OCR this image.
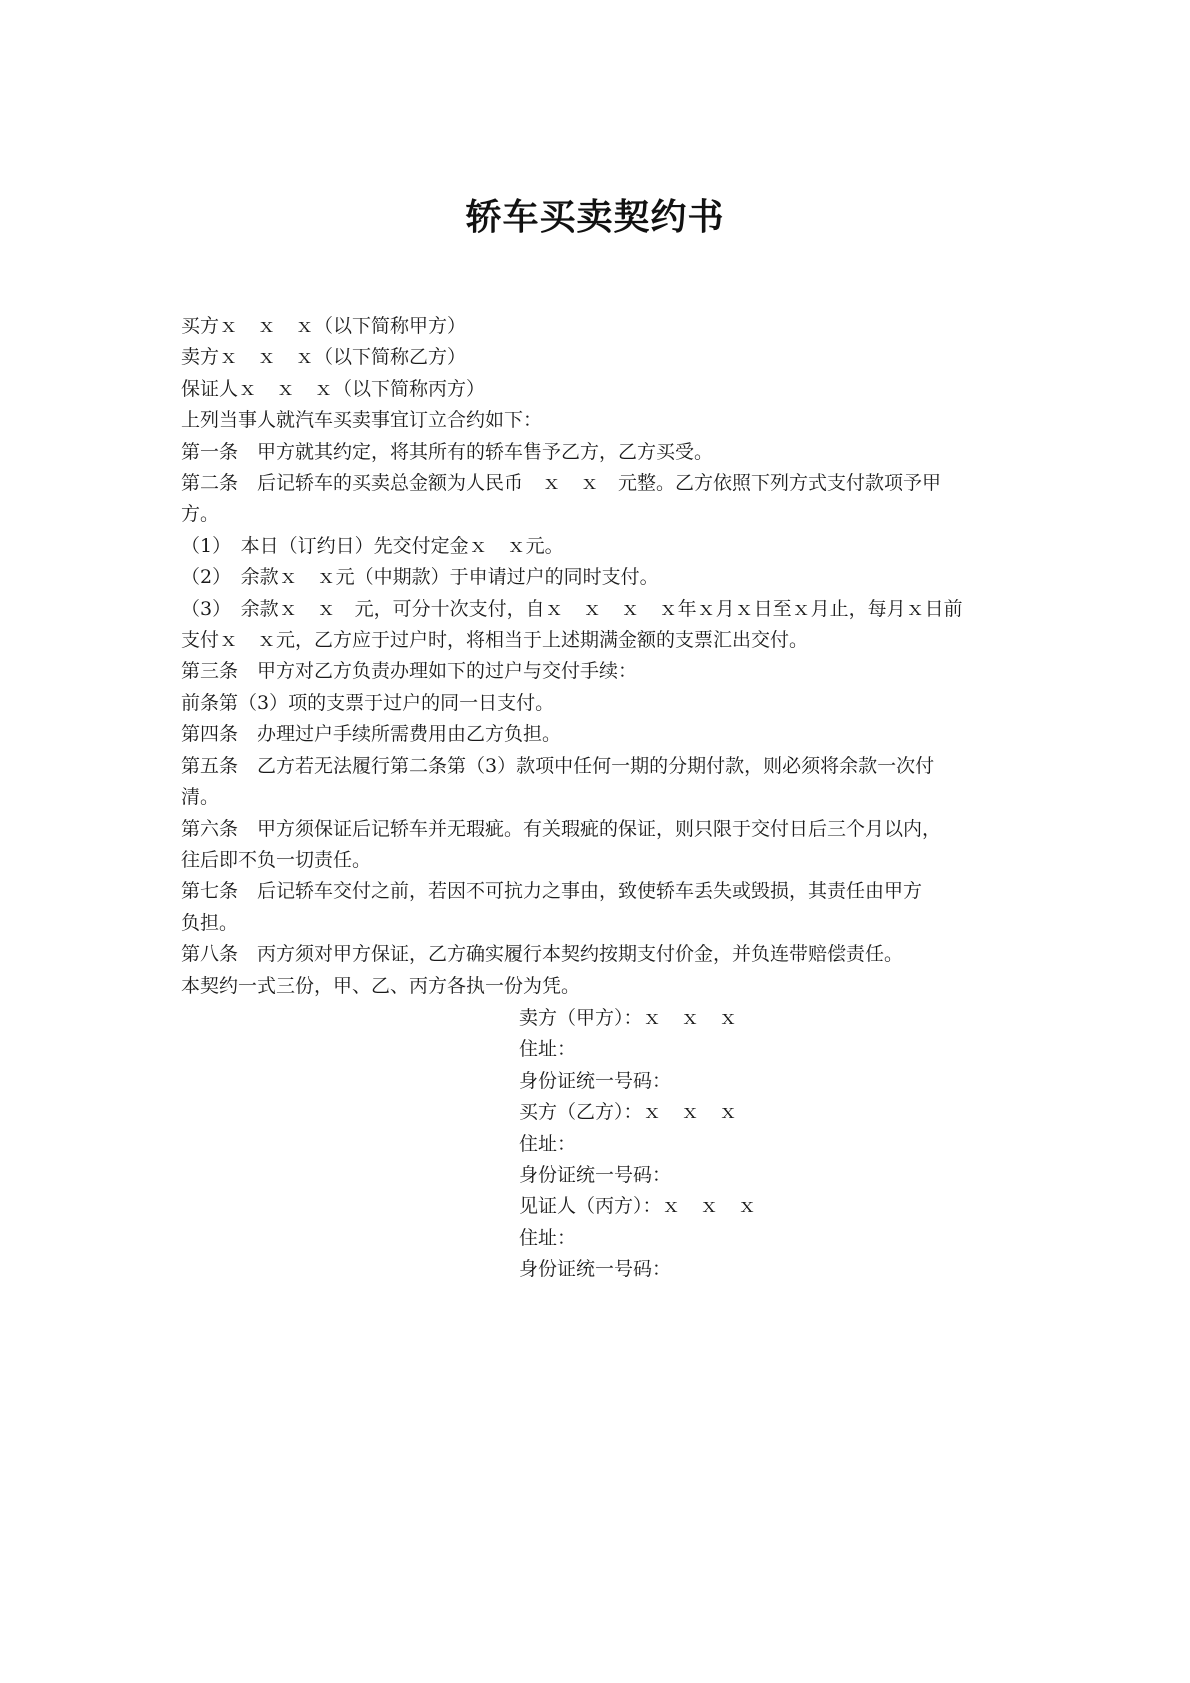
轿车买卖契约书
买方ｘ　ｘ　ｘ（以下简称甲方）
卖方ｘ　ｘ　ｘ（以下简称乙方）
保证人ｘ　ｘ　ｘ（以下简称丙方）
上列当事人就汽车买卖事宜订立合约如下：
第一条　甲方就其约定，将其所有的轿车售予乙方，乙方买受。
第二条　后记轿车的买卖总金额为人民币　ｘ　ｘ　元整。乙方依照下列方式支付款项予甲
方。
（1）　本日（订约日）先交付定金ｘ　ｘ元。
（2）　余款ｘ　ｘ元（中期款）于申请过户的同时支付。
（3）　余款ｘ　ｘ　元，可分十次支付，自ｘ　ｘ　ｘ　ｘ年ｘ月ｘ日至ｘ月止，每月ｘ日前
支付ｘ　ｘ元，乙方应于过户时，将相当于上述期满金额的支票汇出交付。
第三条　甲方对乙方负责办理如下的过户与交付手续：
前条第（3）项的支票于过户的同一日支付。
第四条　办理过户手续所需费用由乙方负担。
第五条　乙方若无法履行第二条第（3）款项中任何一期的分期付款，则必须将余款一次付
清。
第六条　甲方须保证后记轿车并无瑕疵。有关瑕疵的保证，则只限于交付日后三个月以内，
往后即不负一切责任。
第七条　后记轿车交付之前，若因不可抗力之事由，致使轿车丢失或毁损，其责任由甲方
负担。
第八条　丙方须对甲方保证，乙方确实履行本契约按期支付价金，并负连带赔偿责任。
本契约一式三份，甲、乙、丙方各执一份为凭。
卖方（甲方）：ｘ　ｘ　ｘ
住址：
身份证统一号码：
买方（乙方）：ｘ　ｘ　ｘ
住址：
身份证统一号码：
见证人（丙方）：ｘ　ｘ　ｘ
住址：
身份证统一号码：
